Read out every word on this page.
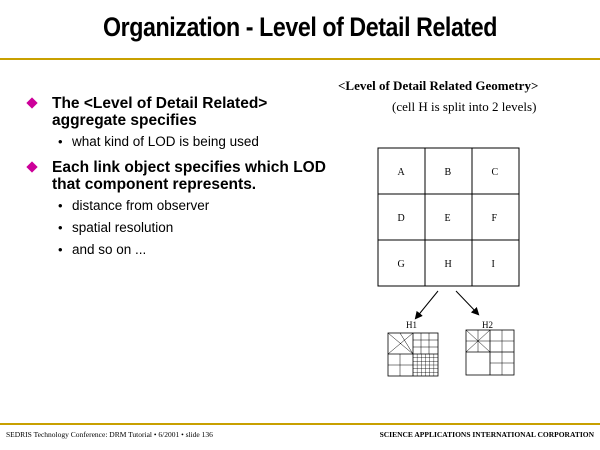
Organization - Level of Detail Related
The <Level of Detail Related> aggregate specifies
• what kind of LOD is being used
Each link object specifies which LOD that component represents.
• distance from observer
• spatial resolution
• and so on ...
<Level of Detail Related Geometry>
(cell H is split into 2 levels)
A	B	C
D	E	F
G	H	I
H1	H2
SEDRIS Technology Conference: DRM Tutorial • 6/2001 • slide 136	SCIENCE APPLICATIONS INTERNATIONAL CORPORATION
